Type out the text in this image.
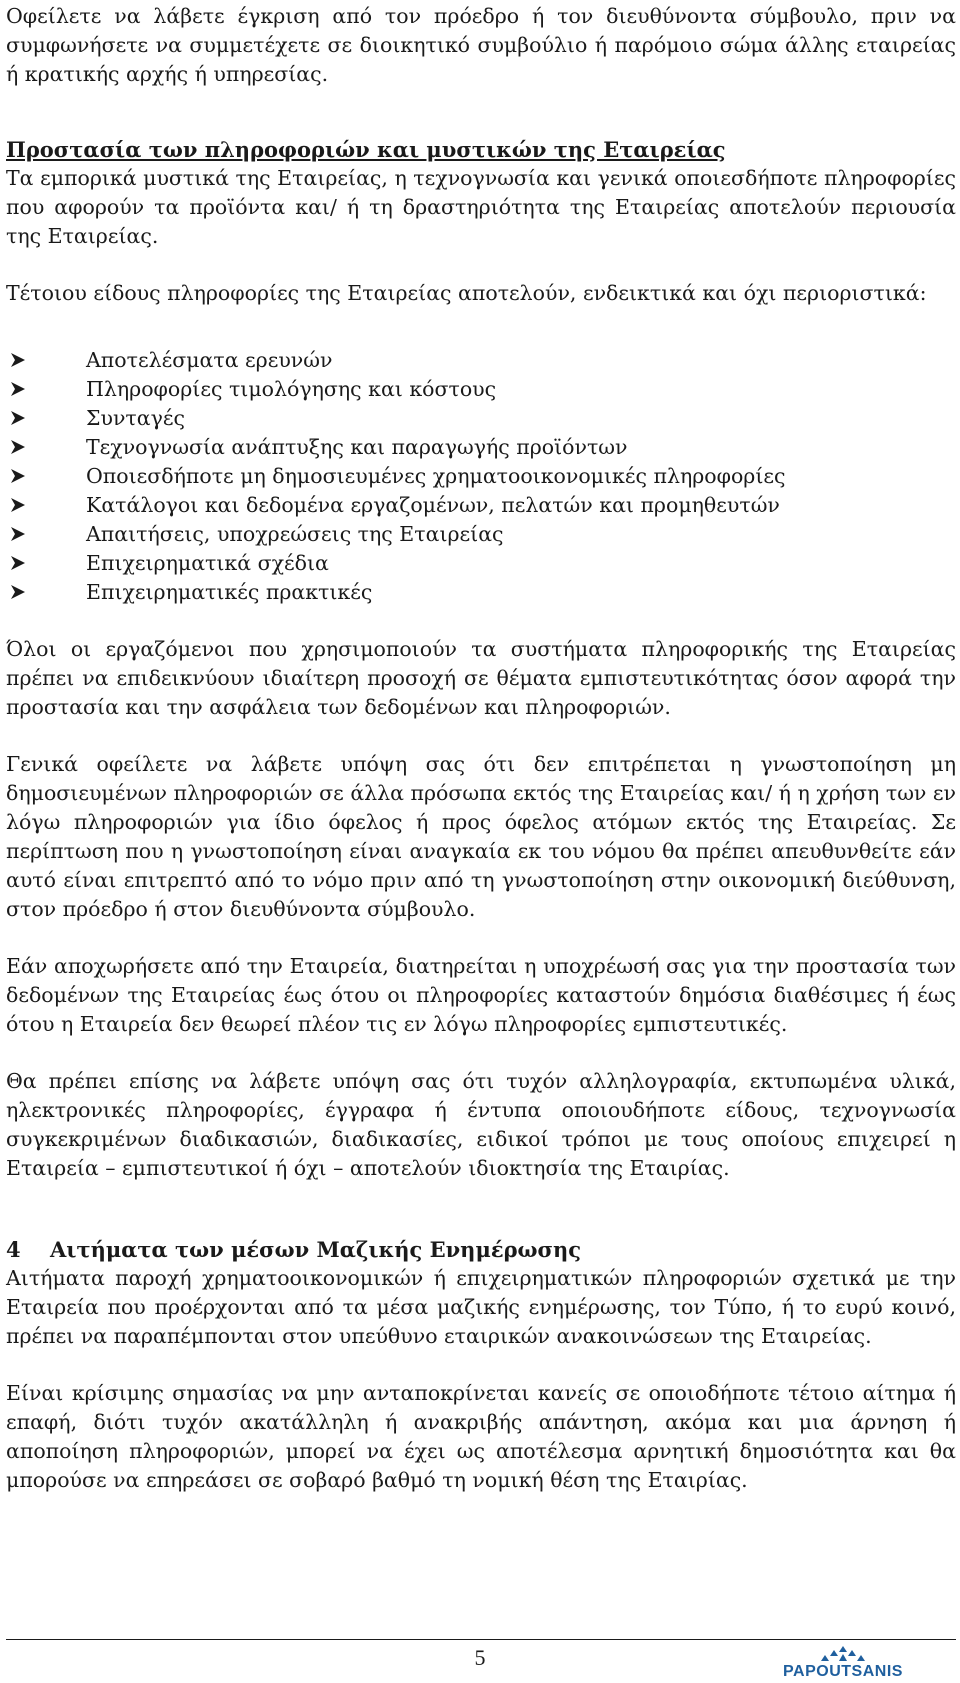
Οφείλετε να λάβετε έγκριση από τον πρόεδρο ή τον διευθύνοντα σύμβουλο, πριν να συμφωνήσετε να συμμετέχετε σε διοικητικό συμβούλιο ή παρόμοιο σώμα άλλης εταιρείας ή κρατικής αρχής ή υπηρεσίας.

Προστασία των πληροφοριών και μυστικών της Εταιρείας

Τα εμπορικά μυστικά της Εταιρείας, η τεχνογνωσία και γενικά οποιεσδήποτε πληροφορίες που αφορούν τα προϊόντα και/ ή τη δραστηριότητα της Εταιρείας αποτελούν περιουσία της Εταιρείας.

Τέτοιου είδους πληροφορίες της Εταιρείας αποτελούν, ενδεικτικά και όχι περιοριστικά:

Αποτελέσματα ερευνών
Πληροφορίες τιμολόγησης και κόστους
Συνταγές
Τεχνογνωσία ανάπτυξης και παραγωγής προϊόντων
Οποιεσδήποτε μη δημοσιευμένες χρηματοοικονομικές πληροφορίες
Κατάλογοι και δεδομένα εργαζομένων, πελατών και προμηθευτών
Απαιτήσεις, υποχρεώσεις της Εταιρείας
Επιχειρηματικά σχέδια
Επιχειρηματικές πρακτικές

Όλοι οι εργαζόμενοι που χρησιμοποιούν τα συστήματα πληροφορικής της Εταιρείας πρέπει να επιδεικνύουν ιδιαίτερη προσοχή σε θέματα εμπιστευτικότητας όσον αφορά την προστασία και την ασφάλεια των δεδομένων και πληροφοριών.

Γενικά οφείλετε να λάβετε υπόψη σας ότι δεν επιτρέπεται η γνωστοποίηση μη δημοσιευμένων πληροφοριών σε άλλα πρόσωπα εκτός της Εταιρείας και/ ή η χρήση των εν λόγω πληροφοριών για ίδιο όφελος ή προς όφελος ατόμων εκτός της Εταιρείας. Σε περίπτωση που η γνωστοποίηση είναι αναγκαία εκ του νόμου θα πρέπει απευθυνθείτε εάν αυτό είναι επιτρεπτό από το νόμο πριν από τη γνωστοποίηση στην οικονομική διεύθυνση, στον πρόεδρο ή στον διευθύνοντα σύμβουλο.

Εάν αποχωρήσετε από την Εταιρεία, διατηρείται η υποχρέωσή σας για την προστασία των δεδομένων της Εταιρείας έως ότου οι πληροφορίες καταστούν δημόσια διαθέσιμες ή έως ότου η Εταιρεία δεν θεωρεί πλέον τις εν λόγω πληροφορίες εμπιστευτικές.

Θα πρέπει επίσης να λάβετε υπόψη σας ότι τυχόν αλληλογραφία, εκτυπωμένα υλικά, ηλεκτρονικές πληροφορίες, έγγραφα ή έντυπα οποιουδήποτε είδους, τεχνογνωσία συγκεκριμένων διαδικασιών, διαδικασίες, ειδικοί τρόποι με τους οποίους επιχειρεί η Εταιρεία – εμπιστευτικοί ή όχι – αποτελούν ιδιοκτησία της Εταιρίας.

4	Αιτήματα των μέσων Μαζικής Ενημέρωσης

Αιτήματα παροχή χρηματοοικονομικών ή επιχειρηματικών πληροφοριών σχετικά με την Εταιρεία που προέρχονται από τα μέσα μαζικής ενημέρωσης, τον Τύπο, ή το ευρύ κοινό, πρέπει να παραπέμπονται στον υπεύθυνο εταιρικών ανακοινώσεων της Εταιρείας.

Είναι κρίσιμης σημασίας να μην ανταποκρίνεται κανείς σε οποιοδήποτε τέτοιο αίτημα ή επαφή, διότι τυχόν ακατάλληλη ή ανακριβής απάντηση, ακόμα και μια άρνηση ή αποποίηση πληροφοριών, μπορεί να έχει ως αποτέλεσμα αρνητική δημοσιότητα και θα μπορούσε να επηρεάσει σε σοβαρό βαθμό τη νομική θέση της Εταιρίας.

5
PAPOUTSANIS
